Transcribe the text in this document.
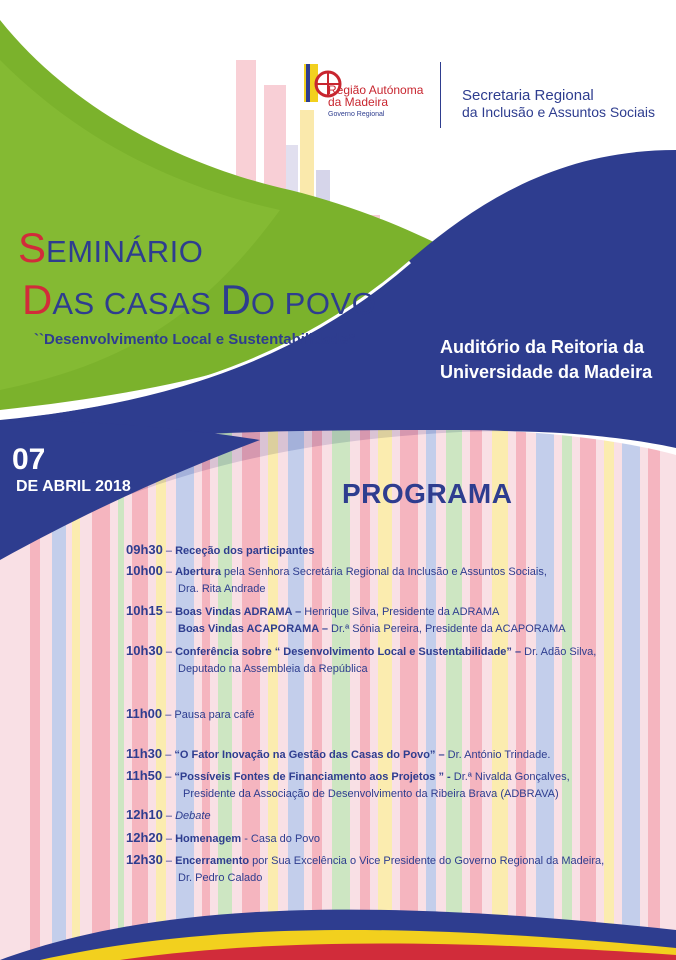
Região Autónoma
da Madeira
Governo Regional
Secretaria Regional
da Inclusão e Assuntos Sociais
SEMINÁRIO
DAS CASAS DO POVO
``Desenvolvimento Local e Sustentabilidade”	Auditório da Reitoria da
Universidade da Madeira
07
DE ABRIL 2018	PROGRAMA
09h30 – Receção dos participantes
10h00 – Abertura pela Senhora Secretária Regional da Inclusão e Assuntos Sociais,
Dra. Rita Andrade
10h15 – Boas Vindas ADRAMA – Henrique Silva, Presidente da ADRAMA
Boas Vindas ACAPORAMA – Dr.ª Sónia Pereira, Presidente da ACAPORAMA
10h30 – Conferência sobre “ Desenvolvimento Local e Sustentabilidade” – Dr. Adão Silva,
Deputado na Assembleia da República
11h00 – Pausa para café
11h30 – “O Fator Inovação na Gestão das Casas do Povo” – Dr. António Trindade.
11h50 – “Possíveis Fontes de Financiamento aos Projetos ” - Dr.ª Nivalda Gonçalves,
Presidente da Associação de Desenvolvimento da Ribeira Brava (ADBRAVA)
12h10 – Debate
12h20 – Homenagem - Casa do Povo
12h30 – Encerramento por Sua Excelência o Vice Presidente do Governo Regional da Madeira,
Dr. Pedro Calado
